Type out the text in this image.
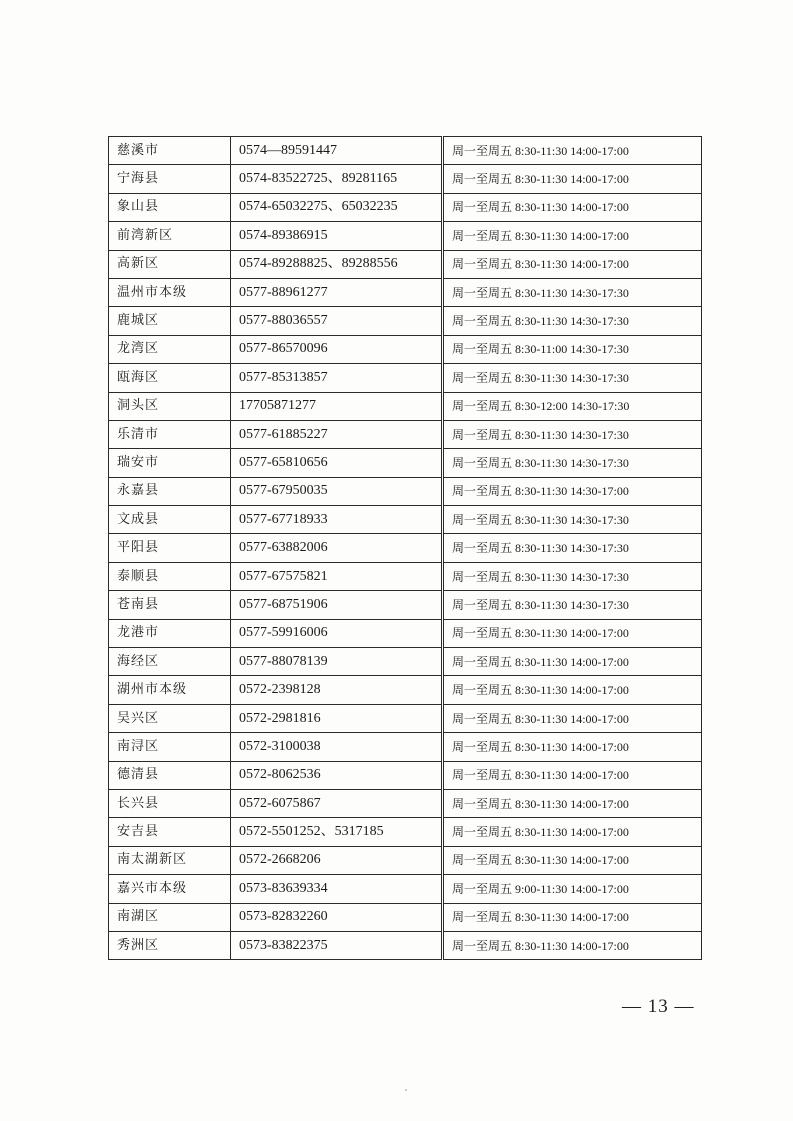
慈溪市	0574—89591447	周一至周五 8:30-11:30 14:00-17:00
宁海县	0574-83522725、89281165	周一至周五 8:30-11:30 14:00-17:00
象山县	0574-65032275、65032235	周一至周五 8:30-11:30 14:00-17:00
前湾新区	0574-89386915	周一至周五 8:30-11:30 14:00-17:00
高新区	0574-89288825、89288556	周一至周五 8:30-11:30 14:00-17:00
温州市本级	0577-88961277	周一至周五 8:30-11:30 14:30-17:30
鹿城区	0577-88036557	周一至周五 8:30-11:30 14:30-17:30
龙湾区	0577-86570096	周一至周五 8:30-11:00 14:30-17:30
瓯海区	0577-85313857	周一至周五 8:30-11:30 14:30-17:30
洞头区	17705871277	周一至周五 8:30-12:00 14:30-17:30
乐清市	0577-61885227	周一至周五 8:30-11:30 14:30-17:30
瑞安市	0577-65810656	周一至周五 8:30-11:30 14:30-17:30
永嘉县	0577-67950035	周一至周五 8:30-11:30 14:30-17:00
文成县	0577-67718933	周一至周五 8:30-11:30 14:30-17:30
平阳县	0577-63882006	周一至周五 8:30-11:30 14:30-17:30
泰顺县	0577-67575821	周一至周五 8:30-11:30 14:30-17:30
苍南县	0577-68751906	周一至周五 8:30-11:30 14:30-17:30
龙港市	0577-59916006	周一至周五 8:30-11:30 14:00-17:00
海经区	0577-88078139	周一至周五 8:30-11:30 14:00-17:00
湖州市本级	0572-2398128	周一至周五 8:30-11:30 14:00-17:00
吴兴区	0572-2981816	周一至周五 8:30-11:30 14:00-17:00
南浔区	0572-3100038	周一至周五 8:30-11:30 14:00-17:00
德清县	0572-8062536	周一至周五 8:30-11:30 14:00-17:00
长兴县	0572-6075867	周一至周五 8:30-11:30 14:00-17:00
安吉县	0572-5501252、5317185	周一至周五 8:30-11:30 14:00-17:00
南太湖新区	0572-2668206	周一至周五 8:30-11:30 14:00-17:00
嘉兴市本级	0573-83639334	周一至周五 9:00-11:30 14:00-17:00
南湖区	0573-82832260	周一至周五 8:30-11:30 14:00-17:00
秀洲区	0573-83822375	周一至周五 8:30-11:30 14:00-17:00
— 13 —
